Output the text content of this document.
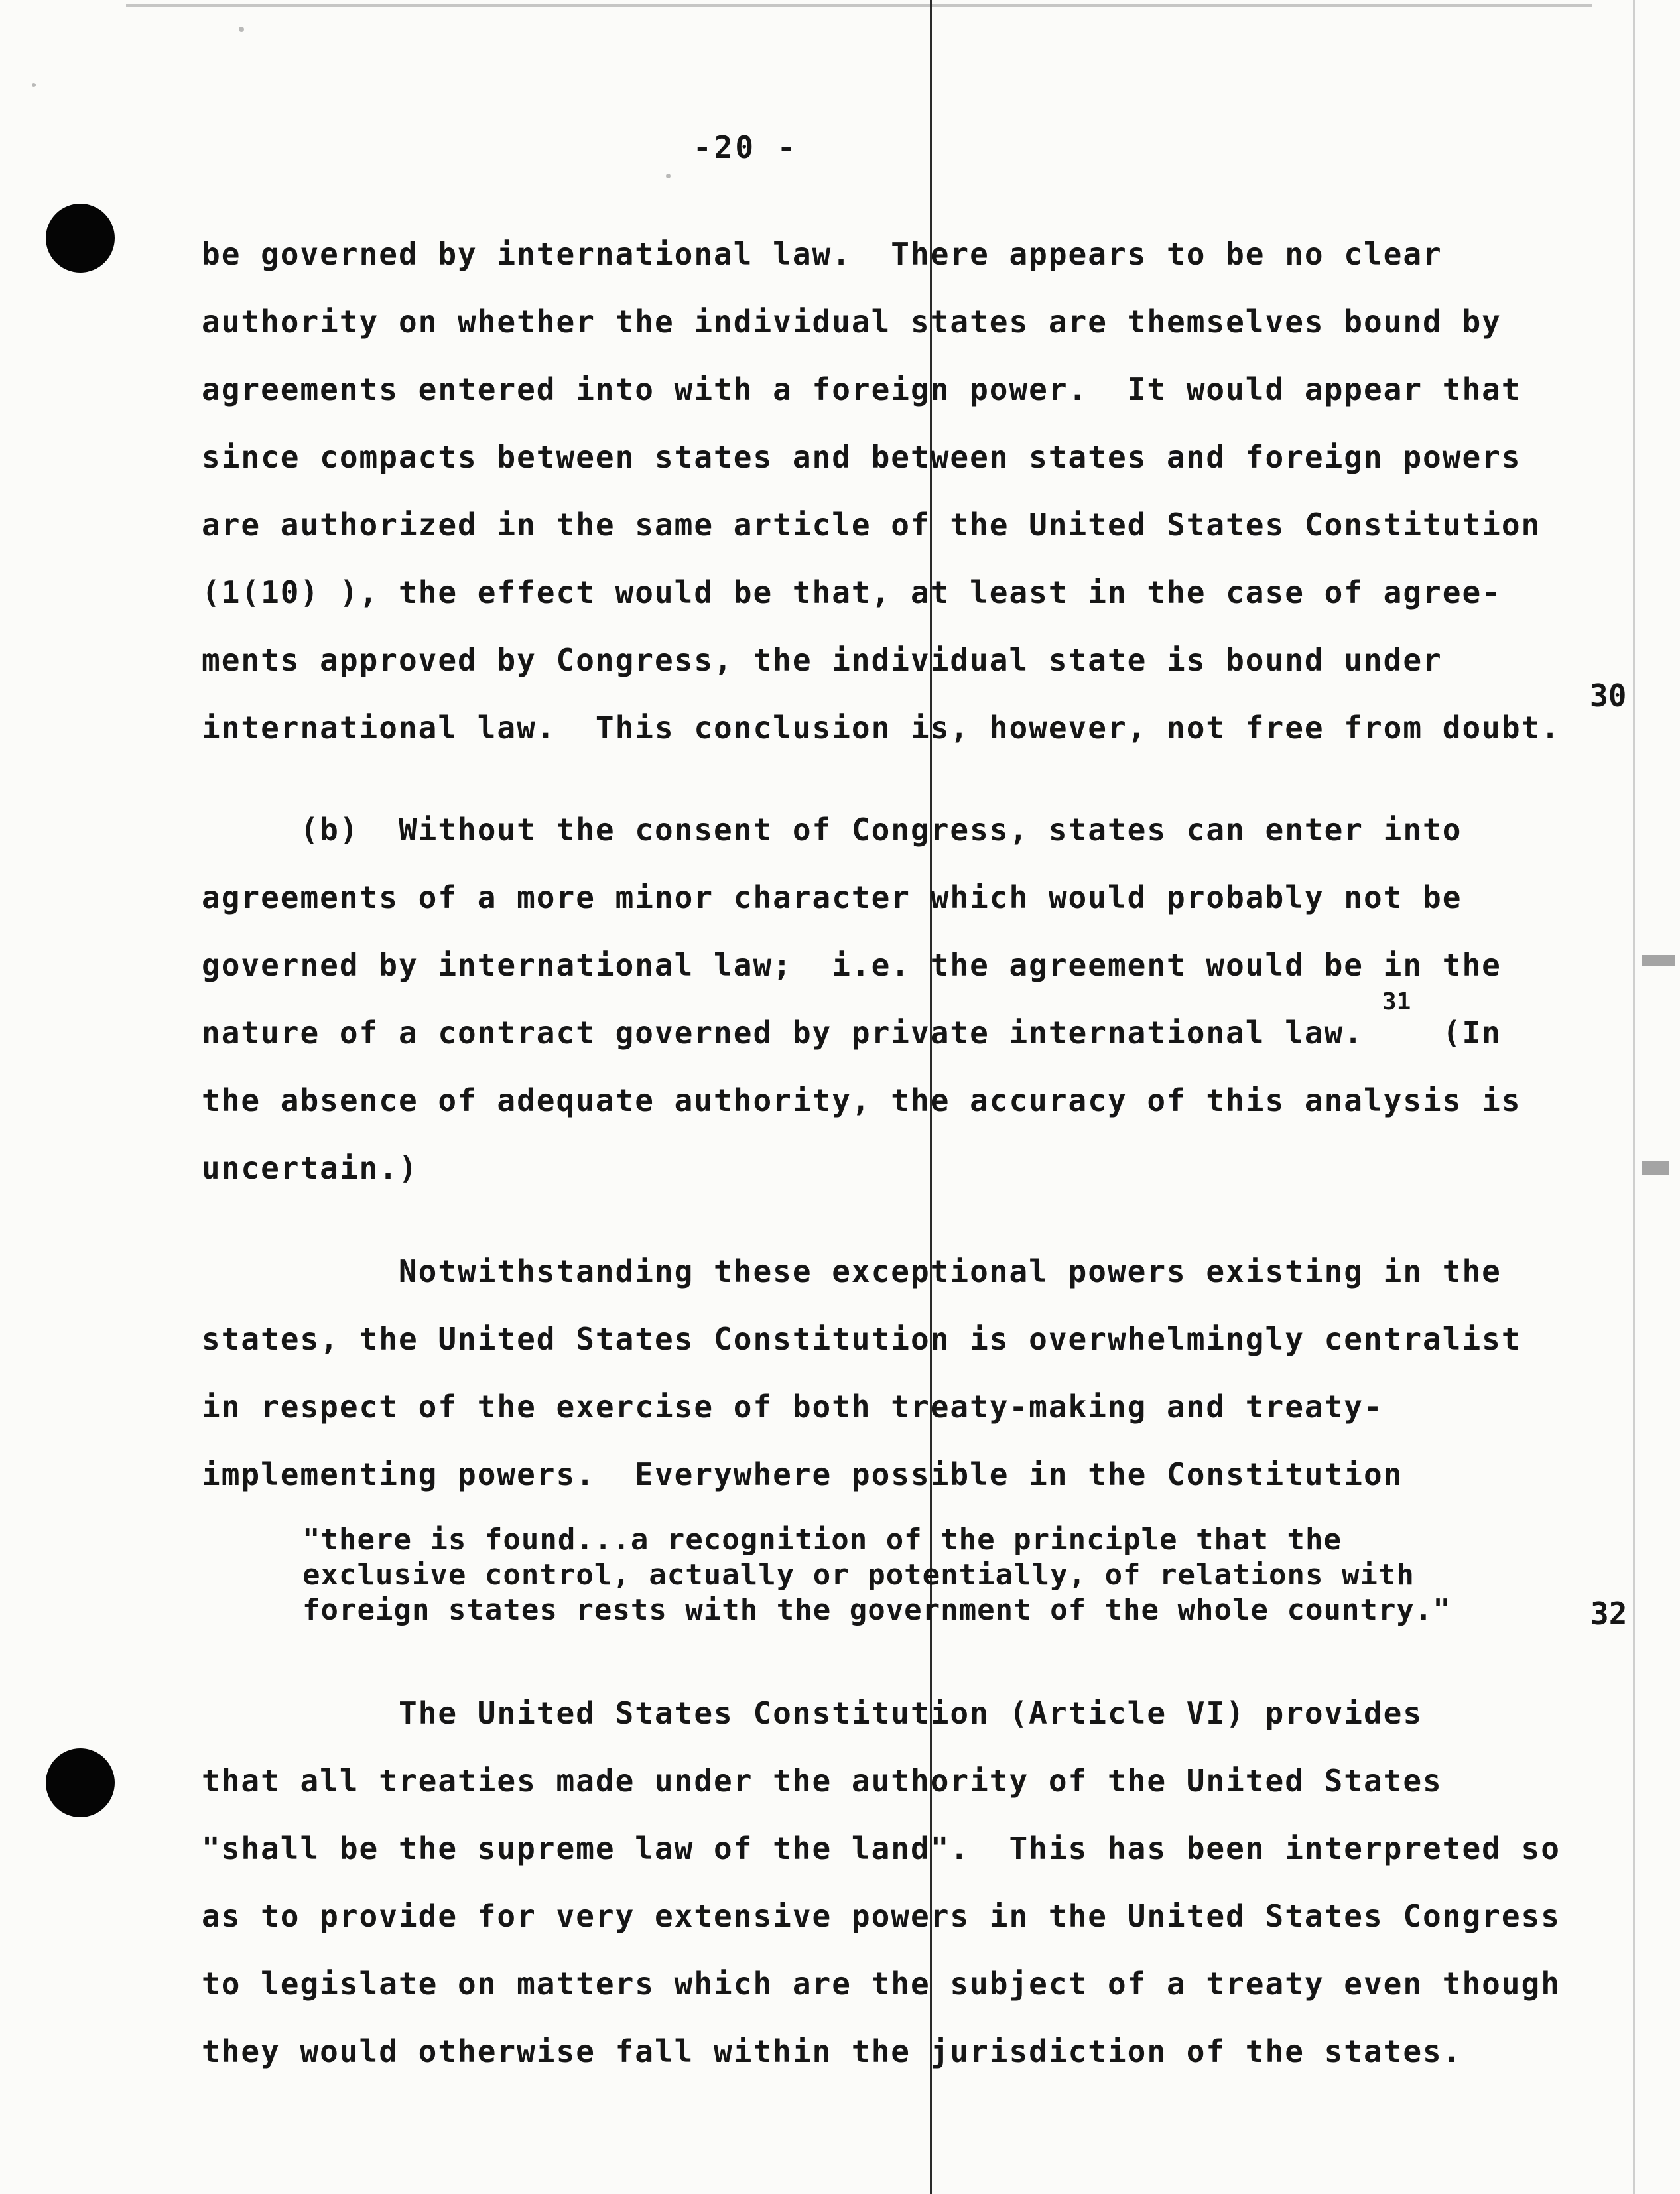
-20 -
be governed by international law.  There appears to be no clear
authority on whether the individual states are themselves bound by
agreements entered into with a foreign power.  It would appear that
since compacts between states and between states and foreign powers
are authorized in the same article of the United States Constitution
(1(10) ), the effect would be that, at least in the case of agree-
ments approved by Congress, the individual state is bound under
international law.  This conclusion is, however, not free from doubt.
30
(b)  Without the consent of Congress, states can enter into
agreements of a more minor character which would probably not be
governed by international law;  i.e. the agreement would be in the
nature of a contract governed by private international law.    (In
31
the absence of adequate authority, the accuracy of this analysis is
uncertain.)
Notwithstanding these exceptional powers existing in the
states, the United States Constitution is overwhelmingly centralist
in respect of the exercise of both treaty-making and treaty-
implementing powers.  Everywhere possible in the Constitution
"there is found...a recognition of the principle that the
exclusive control, actually or potentially, of relations with
foreign states rests with the government of the whole country."	32
The United States Constitution (Article VI) provides
that all treaties made under the authority of the United States
"shall be the supreme law of the land".  This has been interpreted so
as to provide for very extensive powers in the United States Congress
to legislate on matters which are the subject of a treaty even though
they would otherwise fall within the jurisdiction of the states.
